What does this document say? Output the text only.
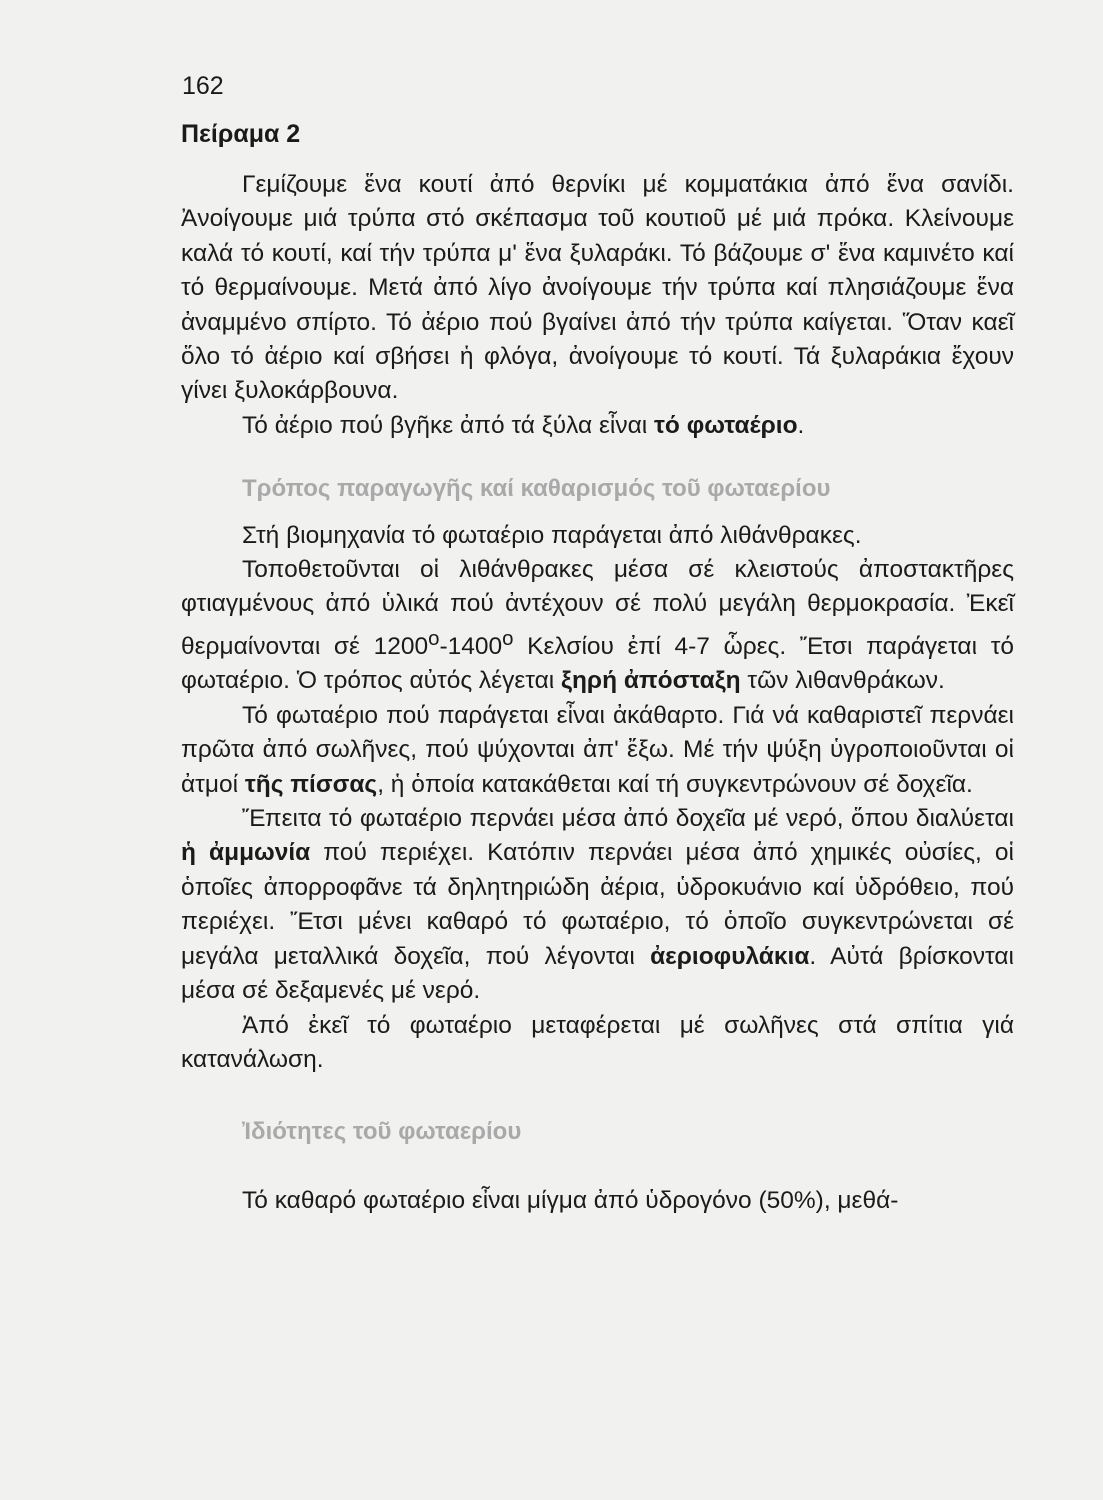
162
Πείραμα 2

Γεμίζουμε ἕνα κουτί ἀπό θερνίκι μέ κομματάκια ἀπό ἕνα σανίδι. Ἀνοίγουμε μιά τρύπα στό σκέπασμα τοῦ κουτιοῦ μέ μιά πρόκα. Κλείνουμε καλά τό κουτί, καί τήν τρύπα μ' ἕνα ξυλαράκι. Τό βάζουμε σ' ἕνα καμινέτο καί τό θερμαίνουμε. Μετά ἀπό λίγο ἀνοίγουμε τήν τρύπα καί πλησιάζουμε ἕνα ἀναμμένο σπίρτο. Τό ἀέριο πού βγαίνει ἀπό τήν τρύπα καίγεται. Ὅταν καεῖ ὅλο τό ἀέριο καί σβήσει ἡ φλόγα, ἀνοίγουμε τό κουτί. Τά ξυλαράκια ἔχουν γίνει ξυλοκάρβουνα.

Τό ἀέριο πού βγῆκε ἀπό τά ξύλα εἶναι τό φωταέριο.

Τρόπος παραγωγῆς καί καθαρισμός τοῦ φωταερίου

Στή βιομηχανία τό φωταέριο παράγεται ἀπό λιθάνθρακες.

Τοποθετοῦνται οἱ λιθάνθρακες μέσα σέ κλειστούς ἀποστακτῆρες φτιαγμένους ἀπό ὑλικά πού ἀντέχουν σέ πολύ μεγάλη θερμοκρασία. Ἐκεῖ θερμαίνονται σέ $1200^o-1400^o$ Κελσίου ἐπί 4-7 ὧρες. Ἔτσι παράγεται τό φωταέριο. Ὁ τρόπος αὐτός λέγεται ξηρή ἀπόσταξη τῶν λιθανθράκων.

Τό φωταέριο πού παράγεται εἶναι ἀκάθαρτο. Γιά νά καθαριστεῖ περνάει πρῶτα ἀπό σωλῆνες, πού ψύχονται ἀπ' ἔξω. Μέ τήν ψύξη ὑγροποιοῦνται οἱ ἀτμοί τῆς πίσσας, ἡ ὁποία κατακάθεται καί τή συγκεντρώνουν σέ δοχεῖα.

Ἔπειτα τό φωταέριο περνάει μέσα ἀπό δοχεῖα μέ νερό, ὅπου διαλύεται ἡ ἀμμωνία πού περιέχει. Κατόπιν περνάει μέσα ἀπό χημικές οὐσίες, οἱ ὁποῖες ἀπορροφᾶνε τά δηλητηριώδη ἀέρια, ὑδροκυάνιο καί ὑδρόθειο, πού περιέχει. Ἔτσι μένει καθαρό τό φωταέριο, τό ὁποῖο συγκεντρώνεται σέ μεγάλα μεταλλικά δοχεῖα, πού λέγονται ἀεριοφυλάκια. Αὐτά βρίσκονται μέσα σέ δεξαμενές μέ νερό.

Ἀπό ἐκεῖ τό φωταέριο μεταφέρεται μέ σωλῆνες στά σπίτια γιά κατανάλωση.

Ἰδιότητες τοῦ φωταερίου

Τό καθαρό φωταέριο εἶναι μίγμα ἀπό ὑδρογόνο (50%), μεθά-
